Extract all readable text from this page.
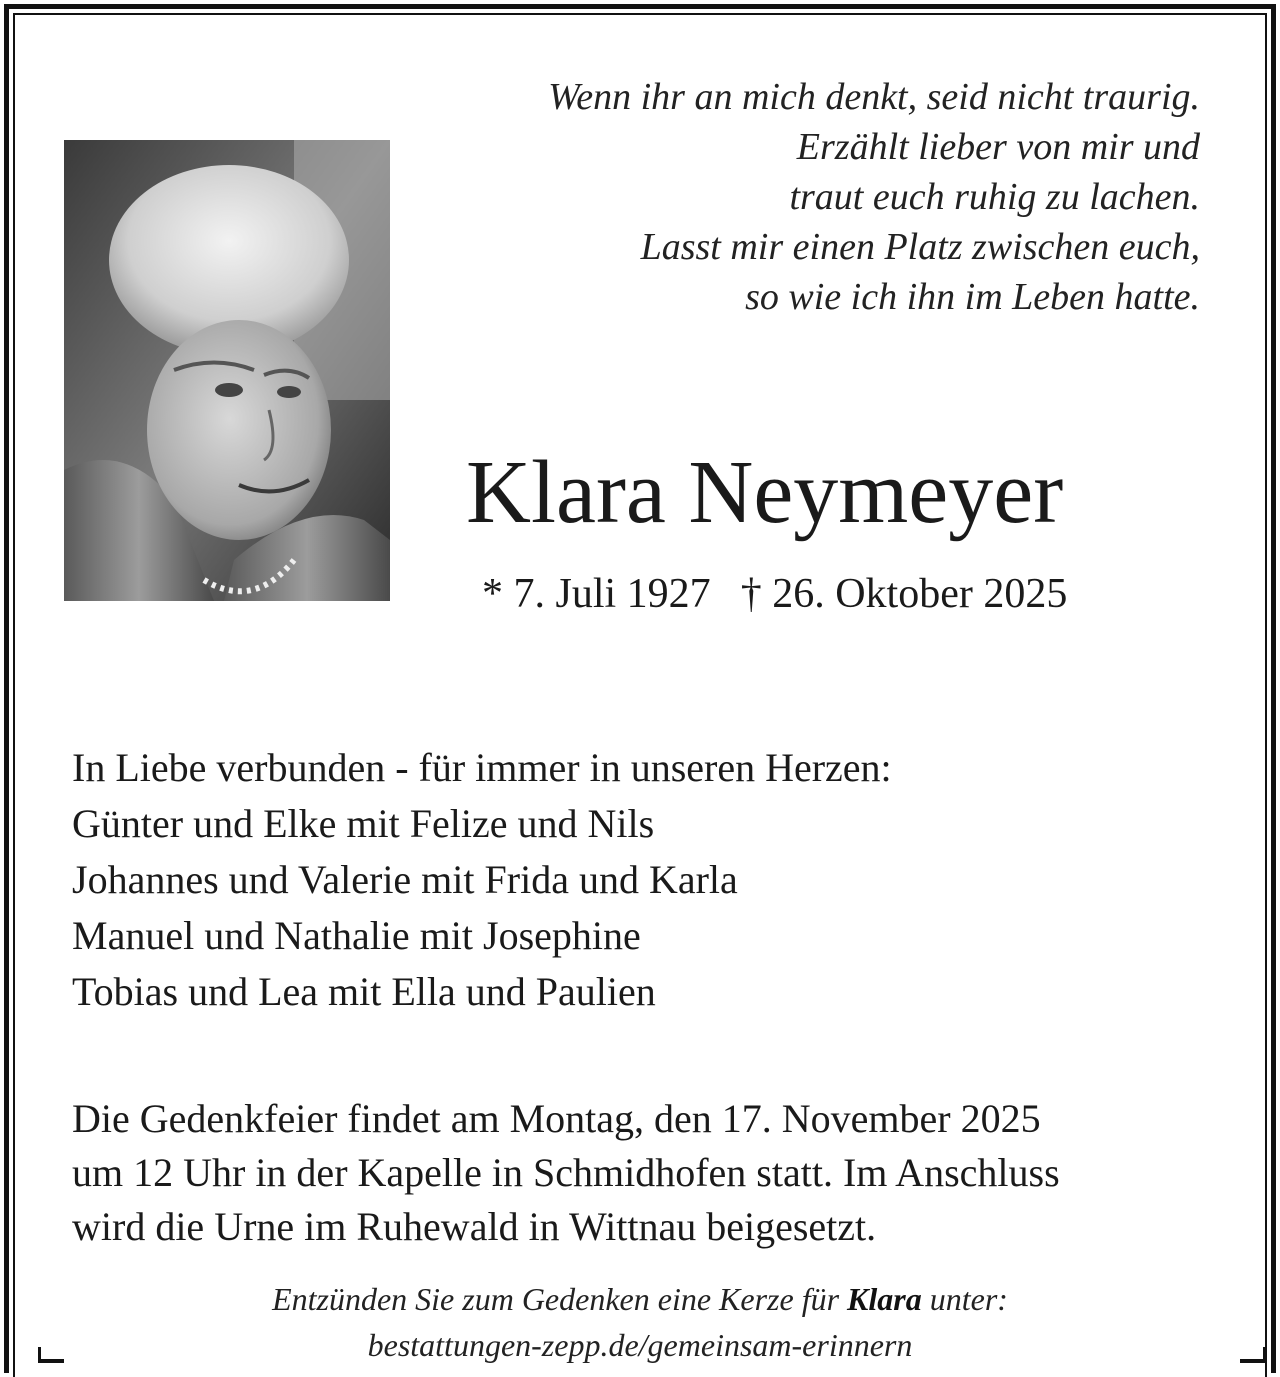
Wenn ihr an mich denkt, seid nicht traurig.
Erzählt lieber von mir und
traut euch ruhig zu lachen.
Lasst mir einen Platz zwischen euch,
so wie ich ihn im Leben hatte.
Klara Neymeyer
* 7. Juli 1927 † 26. Oktober 2025
In Liebe verbunden - für immer in unseren Herzen:
Günter und Elke mit Felize und Nils
Johannes und Valerie mit Frida und Karla
Manuel und Nathalie mit Josephine
Tobias und Lea mit Ella und Paulien
Die Gedenkfeier findet am Montag, den 17. November 2025
um 12 Uhr in der Kapelle in Schmidhofen statt. Im Anschluss
wird die Urne im Ruhewald in Wittnau beigesetzt.
Entzünden Sie zum Gedenken eine Kerze für Klara unter:
bestattungen-zepp.de/gemeinsam-erinnern
